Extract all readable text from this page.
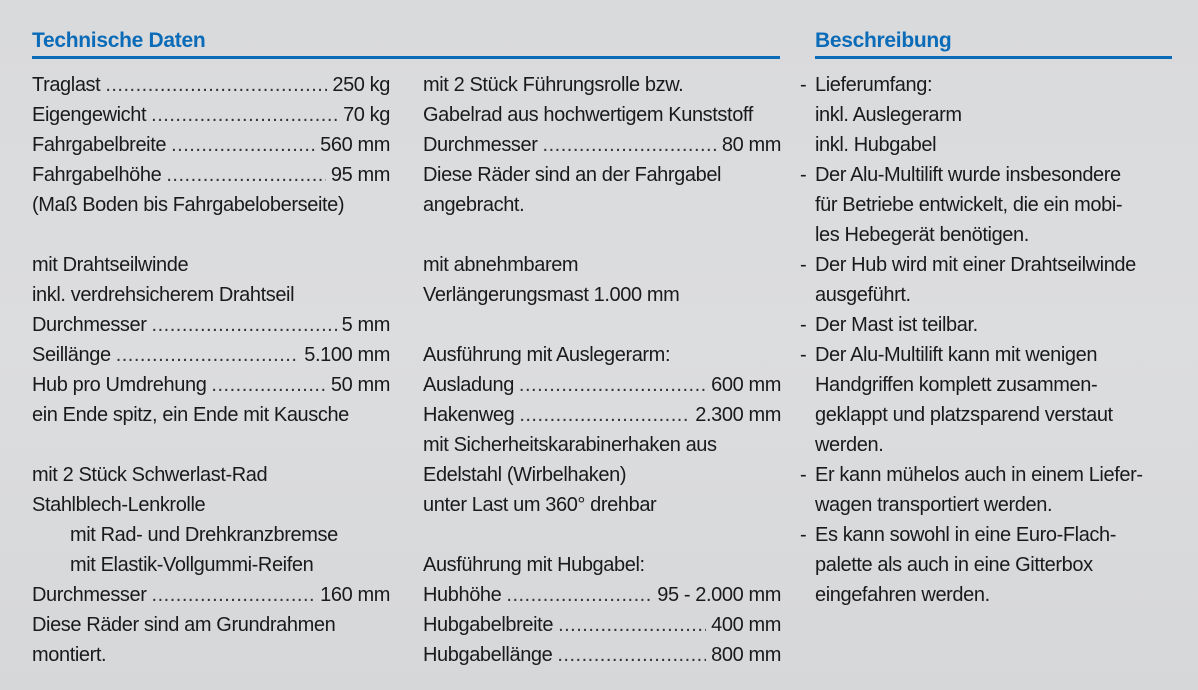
Technische Daten	Beschreibung
Traglast
.....	250 kg
Eigengewicht
.....	70 kg
Fahrgabelbreite
.....	560 mm
Fahrgabelhöhe
.....	95 mm
(Maß Boden bis Fahrgabeloberseite)
mit Drahtseilwinde
inkl. verdrehsicherem Drahtseil
Durchmesser
.....	5 mm
Seillänge
.....	5.100 mm
Hub pro Umdrehung
.....	50 mm
ein Ende spitz, ein Ende mit Kausche
mit 2 Stück Schwerlast-Rad
Stahlblech-Lenkrolle
mit Rad- und Drehkranzbremse
mit Elastik-Vollgummi-Reifen
Durchmesser
.....	160 mm
Diese Räder sind am Grundrahmen
montiert.
mit 2 Stück Führungsrolle bzw.
Gabelrad aus hochwertigem Kunststoff
Durchmesser
.....	80 mm
Diese Räder sind an der Fahrgabel
angebracht.
mit abnehmbarem
Verlängerungsmast 1.000 mm
Ausführung mit Auslegerarm:
Ausladung
.....	600 mm
Hakenweg
.....	2.300 mm
mit Sicherheitskarabinerhaken aus
Edelstahl (Wirbelhaken)
unter Last um 360° drehbar
Ausführung mit Hubgabel:
Hubhöhe
.....	95 - 2.000 mm
Hubgabelbreite
.....	400 mm
Hubgabellänge
.....	800 mm
- Lieferumfang:
inkl. Auslegerarm
inkl. Hubgabel
- Der Alu-Multilift wurde insbesondere
für Betriebe entwickelt, die ein mobi-
les Hebegerät benötigen.
- Der Hub wird mit einer Drahtseilwinde
ausgeführt.
- Der Mast ist teilbar.
- Der Alu-Multilift kann mit wenigen
Handgriffen komplett zusammen-
geklappt und platzsparend verstaut
werden.
- Er kann mühelos auch in einem Liefer-
wagen transportiert werden.
- Es kann sowohl in eine Euro-Flach-
palette als auch in eine Gitterbox
eingefahren werden.
